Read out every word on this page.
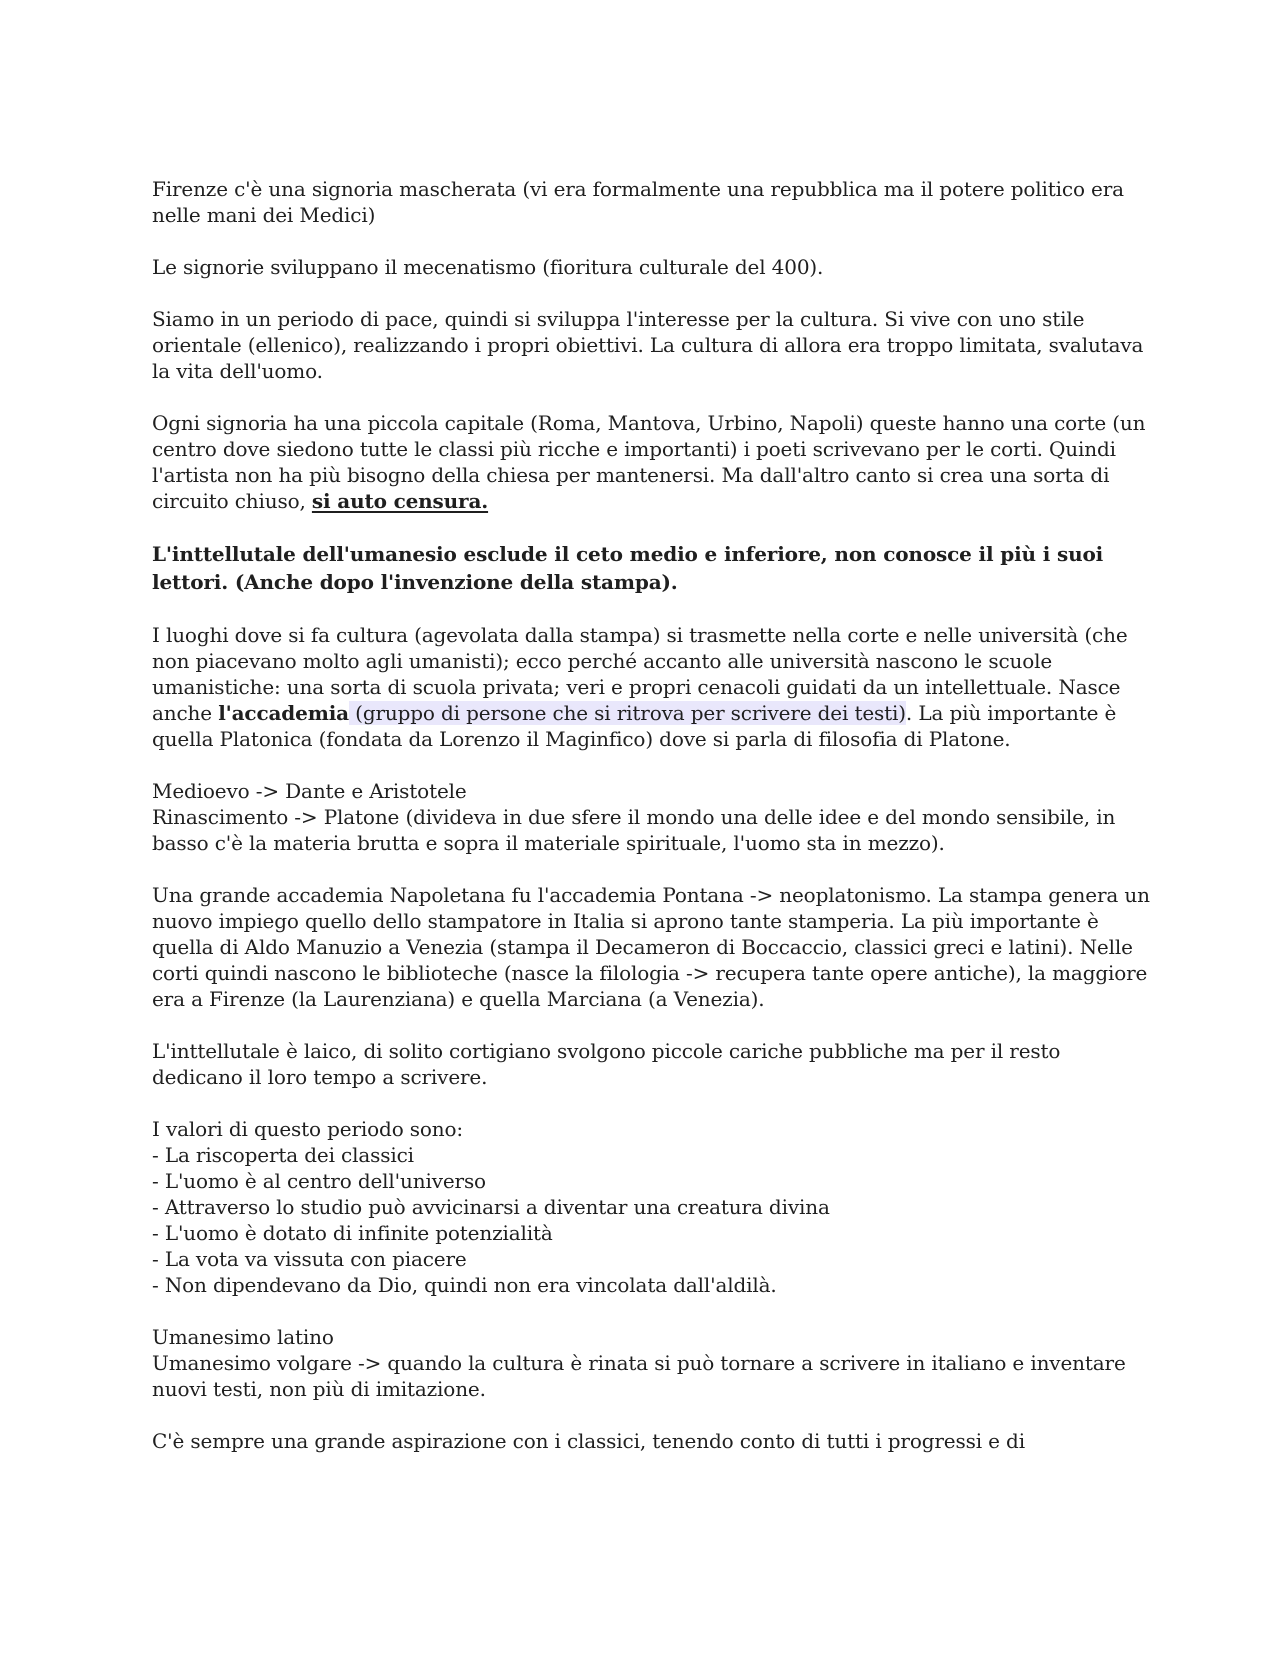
Firenze c'è una signoria mascherata (vi era formalmente una repubblica ma il potere politico era nelle mani dei Medici)

Le signorie sviluppano il mecenatismo (fioritura culturale del 400).

Siamo in un periodo di pace, quindi si sviluppa l'interesse per la cultura. Si vive con uno stile orientale (ellenico), realizzando i propri obiettivi. La cultura di allora era troppo limitata, svalutava la vita dell'uomo.

Ogni signoria ha una piccola capitale (Roma, Mantova, Urbino, Napoli) queste hanno una corte (un centro dove siedono tutte le classi più ricche e importanti) i poeti scrivevano per le corti. Quindi l'artista non ha più bisogno della chiesa per mantenersi. Ma dall'altro canto si crea una sorta di circuito chiuso, si auto censura.

L'inttellutale dell'umanesio esclude il ceto medio e inferiore, non conosce il più i suoi lettori. (Anche dopo l'invenzione della stampa).

I luoghi dove si fa cultura (agevolata dalla stampa) si trasmette nella corte e nelle università (che non piacevano molto agli umanisti); ecco perché accanto alle università nascono le scuole umanistiche: una sorta di scuola privata; veri e propri cenacoli guidati da un intellettuale. Nasce anche l'accademia (gruppo di persone che si ritrova per scrivere dei testi). La più importante è quella Platonica (fondata da Lorenzo il Maginfico) dove si parla di filosofia di Platone.

Medioevo -> Dante e Aristotele
Rinascimento -> Platone (divideva in due sfere il mondo una delle idee e del mondo sensibile, in basso c'è la materia brutta e sopra il materiale spirituale, l'uomo sta in mezzo).

Una grande accademia Napoletana fu l'accademia Pontana -> neoplatonismo. La stampa genera un nuovo impiego quello dello stampatore in Italia si aprono tante stamperia. La più importante è quella di Aldo Manuzio a Venezia (stampa il Decameron di Boccaccio, classici greci e latini). Nelle corti quindi nascono le biblioteche (nasce la filologia -> recupera tante opere antiche), la maggiore era a Firenze (la Laurenziana) e quella Marciana (a Venezia).

L'inttellutale è laico, di solito cortigiano svolgono piccole cariche pubbliche ma per il resto dedicano il loro tempo a scrivere.

I valori di questo periodo sono:
- La riscoperta dei classici
- L'uomo è al centro dell'universo
- Attraverso lo studio può avvicinarsi a diventar una creatura divina
- L'uomo è dotato di infinite potenzialità
- La vota va vissuta con piacere
- Non dipendevano da Dio, quindi non era vincolata dall'aldilà.

Umanesimo latino
Umanesimo volgare -> quando la cultura è rinata si può tornare a scrivere in italiano e inventare nuovi testi, non più di imitazione.

C'è sempre una grande aspirazione con i classici, tenendo conto di tutti i progressi e di
